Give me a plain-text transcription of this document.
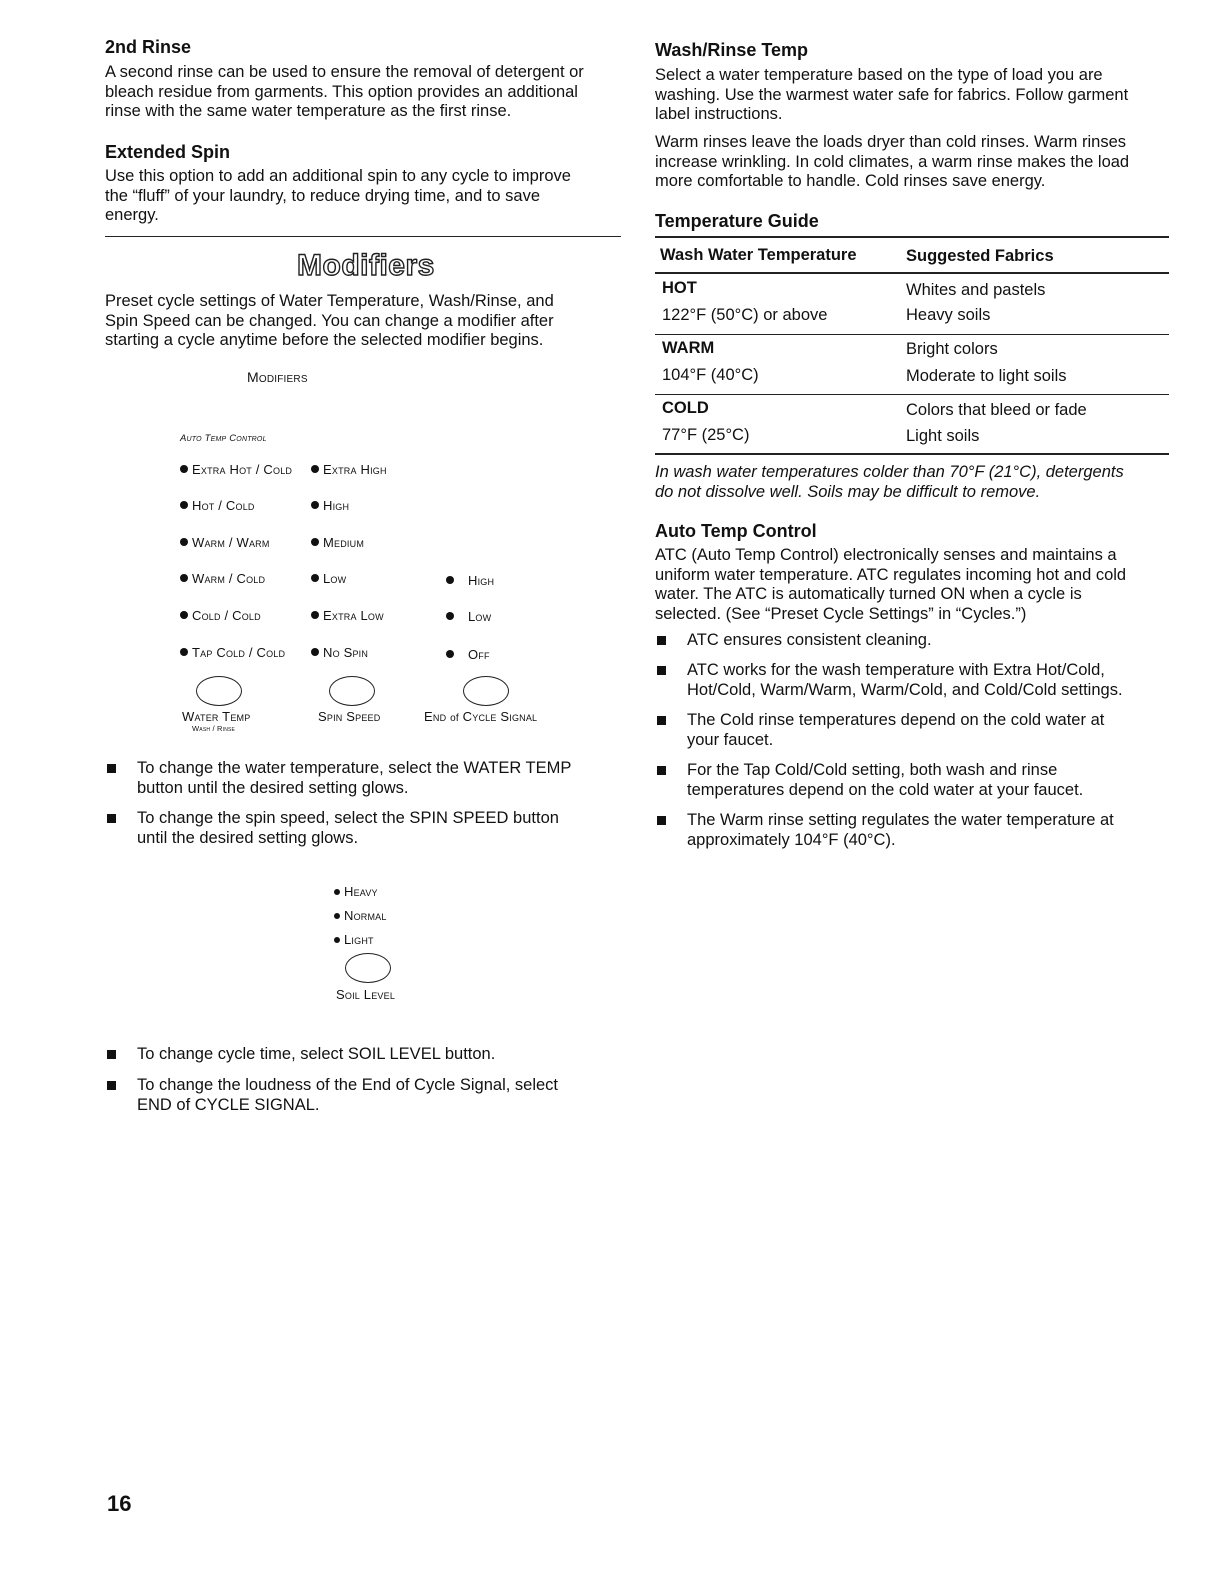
2nd Rinse
A second rinse can be used to ensure the removal of detergent or
bleach residue from garments. This option provides an additional
rinse with the same water temperature as the first rinse.
Extended Spin
Use this option to add an additional spin to any cycle to improve
the “fluff” of your laundry, to reduce drying time, and to save
energy.
Modifiers
Preset cycle settings of Water Temperature, Wash/Rinse, and
Spin Speed can be changed. You can change a modifier after
starting a cycle anytime before the selected modifier begins.
Modifiers
Auto Temp Control
Extra Hot / Cold
Hot / Cold
Warm / Warm
Warm / Cold
Cold / Cold
Tap Cold / Cold
Extra High
High
Medium
Low
Extra Low
No Spin
High
Low
Off
Water Temp
Wash / Rinse
Spin Speed	End of Cycle Signal
To change the water temperature, select the WATER TEMP
button until the desired setting glows.
To change the spin speed, select the SPIN SPEED button
until the desired setting glows.
Heavy
Normal
Light
Soil Level
To change cycle time, select SOIL LEVEL button.
To change the loudness of the End of Cycle Signal, select
END of CYCLE SIGNAL.
16
Wash/Rinse Temp
Select a water temperature based on the type of load you are
washing. Use the warmest water safe for fabrics. Follow garment
label instructions.
Warm rinses leave the loads dryer than cold rinses. Warm rinses
increase wrinkling. In cold climates, a warm rinse makes the load
more comfortable to handle. Cold rinses save energy.
Temperature Guide
Wash Water Temperature	Suggested Fabrics
HOT
122°F (50°C) or above
Whites and pastels
Heavy soils
WARM
104°F (40°C)
Bright colors
Moderate to light soils
COLD
77°F (25°C)
Colors that bleed or fade
Light soils
In wash water temperatures colder than 70°F (21°C), detergents
do not dissolve well. Soils may be difficult to remove.
Auto Temp Control
ATC (Auto Temp Control) electronically senses and maintains a
uniform water temperature. ATC regulates incoming hot and cold
water. The ATC is automatically turned ON when a cycle is
selected. (See “Preset Cycle Settings” in “Cycles.”)
ATC ensures consistent cleaning.
ATC works for the wash temperature with Extra Hot/Cold,
Hot/Cold, Warm/Warm, Warm/Cold, and Cold/Cold settings.
The Cold rinse temperatures depend on the cold water at
your faucet.
For the Tap Cold/Cold setting, both wash and rinse
temperatures depend on the cold water at your faucet.
The Warm rinse setting regulates the water temperature at
approximately 104°F (40°C).
